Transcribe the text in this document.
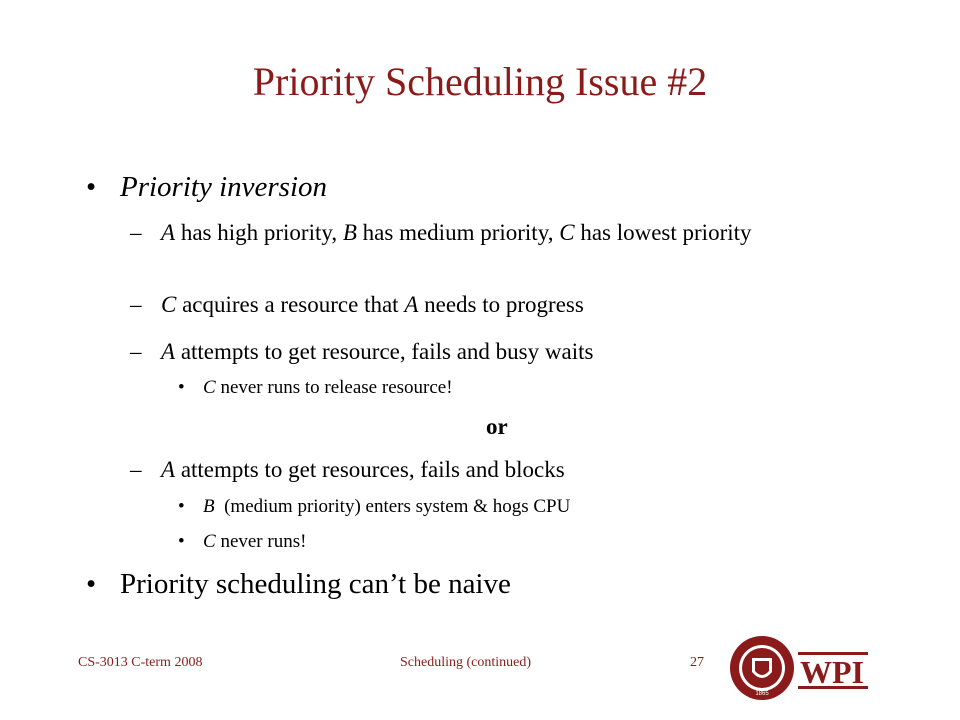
Priority Scheduling Issue #2
• Priority inversion
– A has high priority, B has medium priority, C has lowest priority
– C acquires a resource that A needs to progress
– A attempts to get resource, fails and busy waits
• C never runs to release resource!
or
– A attempts to get resources, fails and blocks
• B  (medium priority) enters system & hogs CPU
• C never runs!
• Priority scheduling can’t be naive
CS-3013 C-term 2008	Scheduling (continued)	27
1865
WPI
